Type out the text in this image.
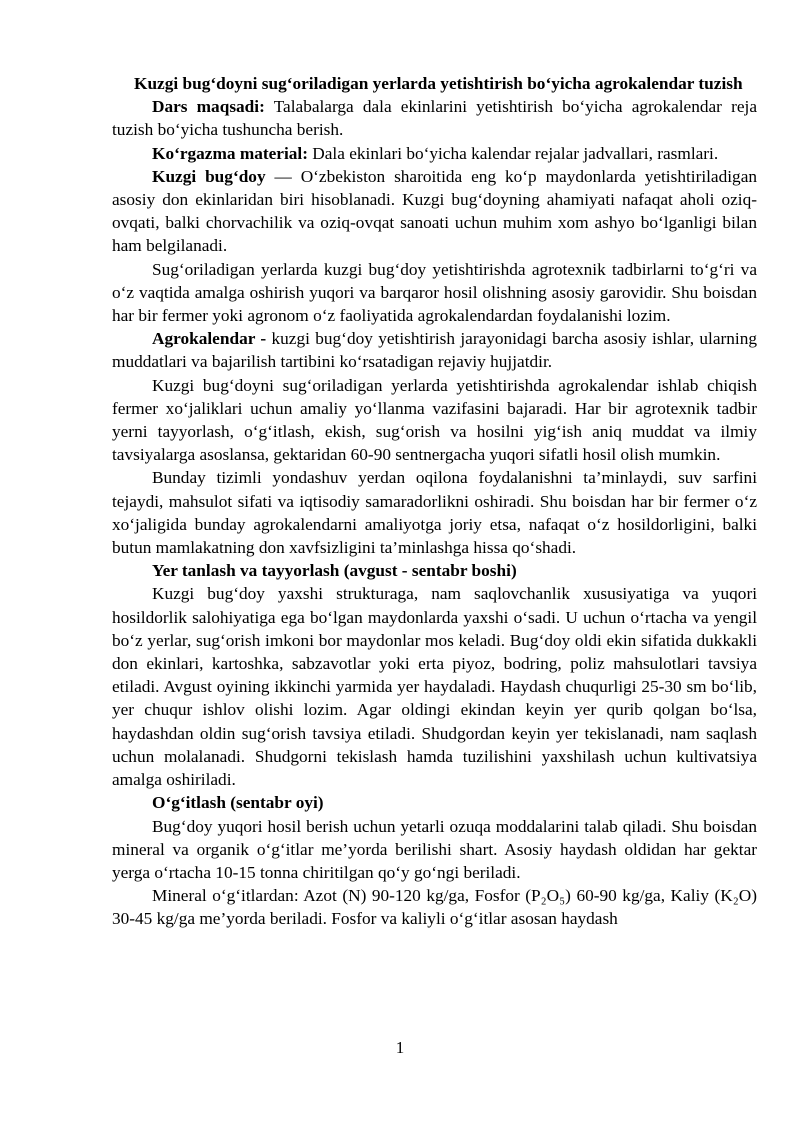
Kuzgi bug‘doyni sug‘oriladigan yerlarda yetishtirish bo‘yicha agrokalendar tuzish

Dars maqsadi: Talabalarga dala ekinlarini yetishtirish bo‘yicha agrokalendar reja tuzish bo‘yicha tushuncha berish.

Ko‘rgazma material: Dala ekinlari bo‘yicha kalendar rejalar jadvallari, rasmlari.

Kuzgi bug‘doy — O‘zbekiston sharoitida eng ko‘p maydonlarda yetishtiriladigan asosiy don ekinlaridan biri hisoblanadi. Kuzgi bug‘doyning ahamiyati nafaqat aholi oziq-ovqati, balki chorvachilik va oziq-ovqat sanoati uchun muhim xom ashyo bo‘lganligi bilan ham belgilanadi.

Sug‘oriladigan yerlarda kuzgi bug‘doy yetishtirishda agrotexnik tadbirlarni to‘g‘ri va o‘z vaqtida amalga oshirish yuqori va barqaror hosil olishning asosiy garovidir. Shu boisdan har bir fermer yoki agronom o‘z faoliyatida agrokalendardan foydalanishi lozim.

Agrokalendar - kuzgi bug‘doy yetishtirish jarayonidagi barcha asosiy ishlar, ularning muddatlari va bajarilish tartibini ko‘rsatadigan rejaviy hujjatdir.

Kuzgi bug‘doyni sug‘oriladigan yerlarda yetishtirishda agrokalendar ishlab chiqish fermer xo‘jaliklari uchun amaliy yo‘llanma vazifasini bajaradi. Har bir agrotexnik tadbir yerni tayyorlash, o‘g‘itlash, ekish, sug‘orish va hosilni yig‘ish aniq muddat va ilmiy tavsiyalarga asoslansa, gektaridan 60-90 sentnergacha yuqori sifatli hosil olish mumkin.

Bunday tizimli yondashuv yerdan oqilona foydalanishni ta’minlaydi, suv sarfini tejaydi, mahsulot sifati va iqtisodiy samaradorlikni oshiradi. Shu boisdan har bir fermer o‘z xo‘jaligida bunday agrokalendarni amaliyotga joriy etsa, nafaqat o‘z hosildorligini, balki butun mamlakatning don xavfsizligini ta’minlashga hissa qo‘shadi.

Yer tanlash va tayyorlash (avgust - sentabr boshi)

Kuzgi bug‘doy yaxshi strukturaga, nam saqlovchanlik xususiyatiga va yuqori hosildorlik salohiyatiga ega bo‘lgan maydonlarda yaxshi o‘sadi. U uchun o‘rtacha va yengil bo‘z yerlar, sug‘orish imkoni bor maydonlar mos keladi. Bug‘doy oldi ekin sifatida dukkakli don ekinlari, kartoshka, sabzavotlar yoki erta piyoz, bodring, poliz mahsulotlari tavsiya etiladi. Avgust oyining ikkinchi yarmida yer haydaladi. Haydash chuqurligi 25-30 sm bo‘lib, yer chuqur ishlov olishi lozim. Agar oldingi ekindan keyin yer qurib qolgan bo‘lsa, haydashdan oldin sug‘orish tavsiya etiladi. Shudgordan keyin yer tekislanadi, nam saqlash uchun molalanadi. Shudgorni tekislash hamda tuzilishini yaxshilash uchun kultivatsiya amalga oshiriladi.

O‘g‘itlash (sentabr oyi)

Bug‘doy yuqori hosil berish uchun yetarli ozuqa moddalarini talab qiladi. Shu boisdan mineral va organik o‘g‘itlar me’yorda berilishi shart. Asosiy haydash oldidan har gektar yerga o‘rtacha 10-15 tonna chiritilgan qo‘y go‘ngi beriladi.

Mineral o‘g‘itlardan: Azot (N) 90-120 kg/ga, Fosfor (P₂O₅) 60-90 kg/ga, Kaliy (K₂O) 30-45 kg/ga me’yorda beriladi. Fosfor va kaliyli o‘g‘itlar asosan haydash

1
